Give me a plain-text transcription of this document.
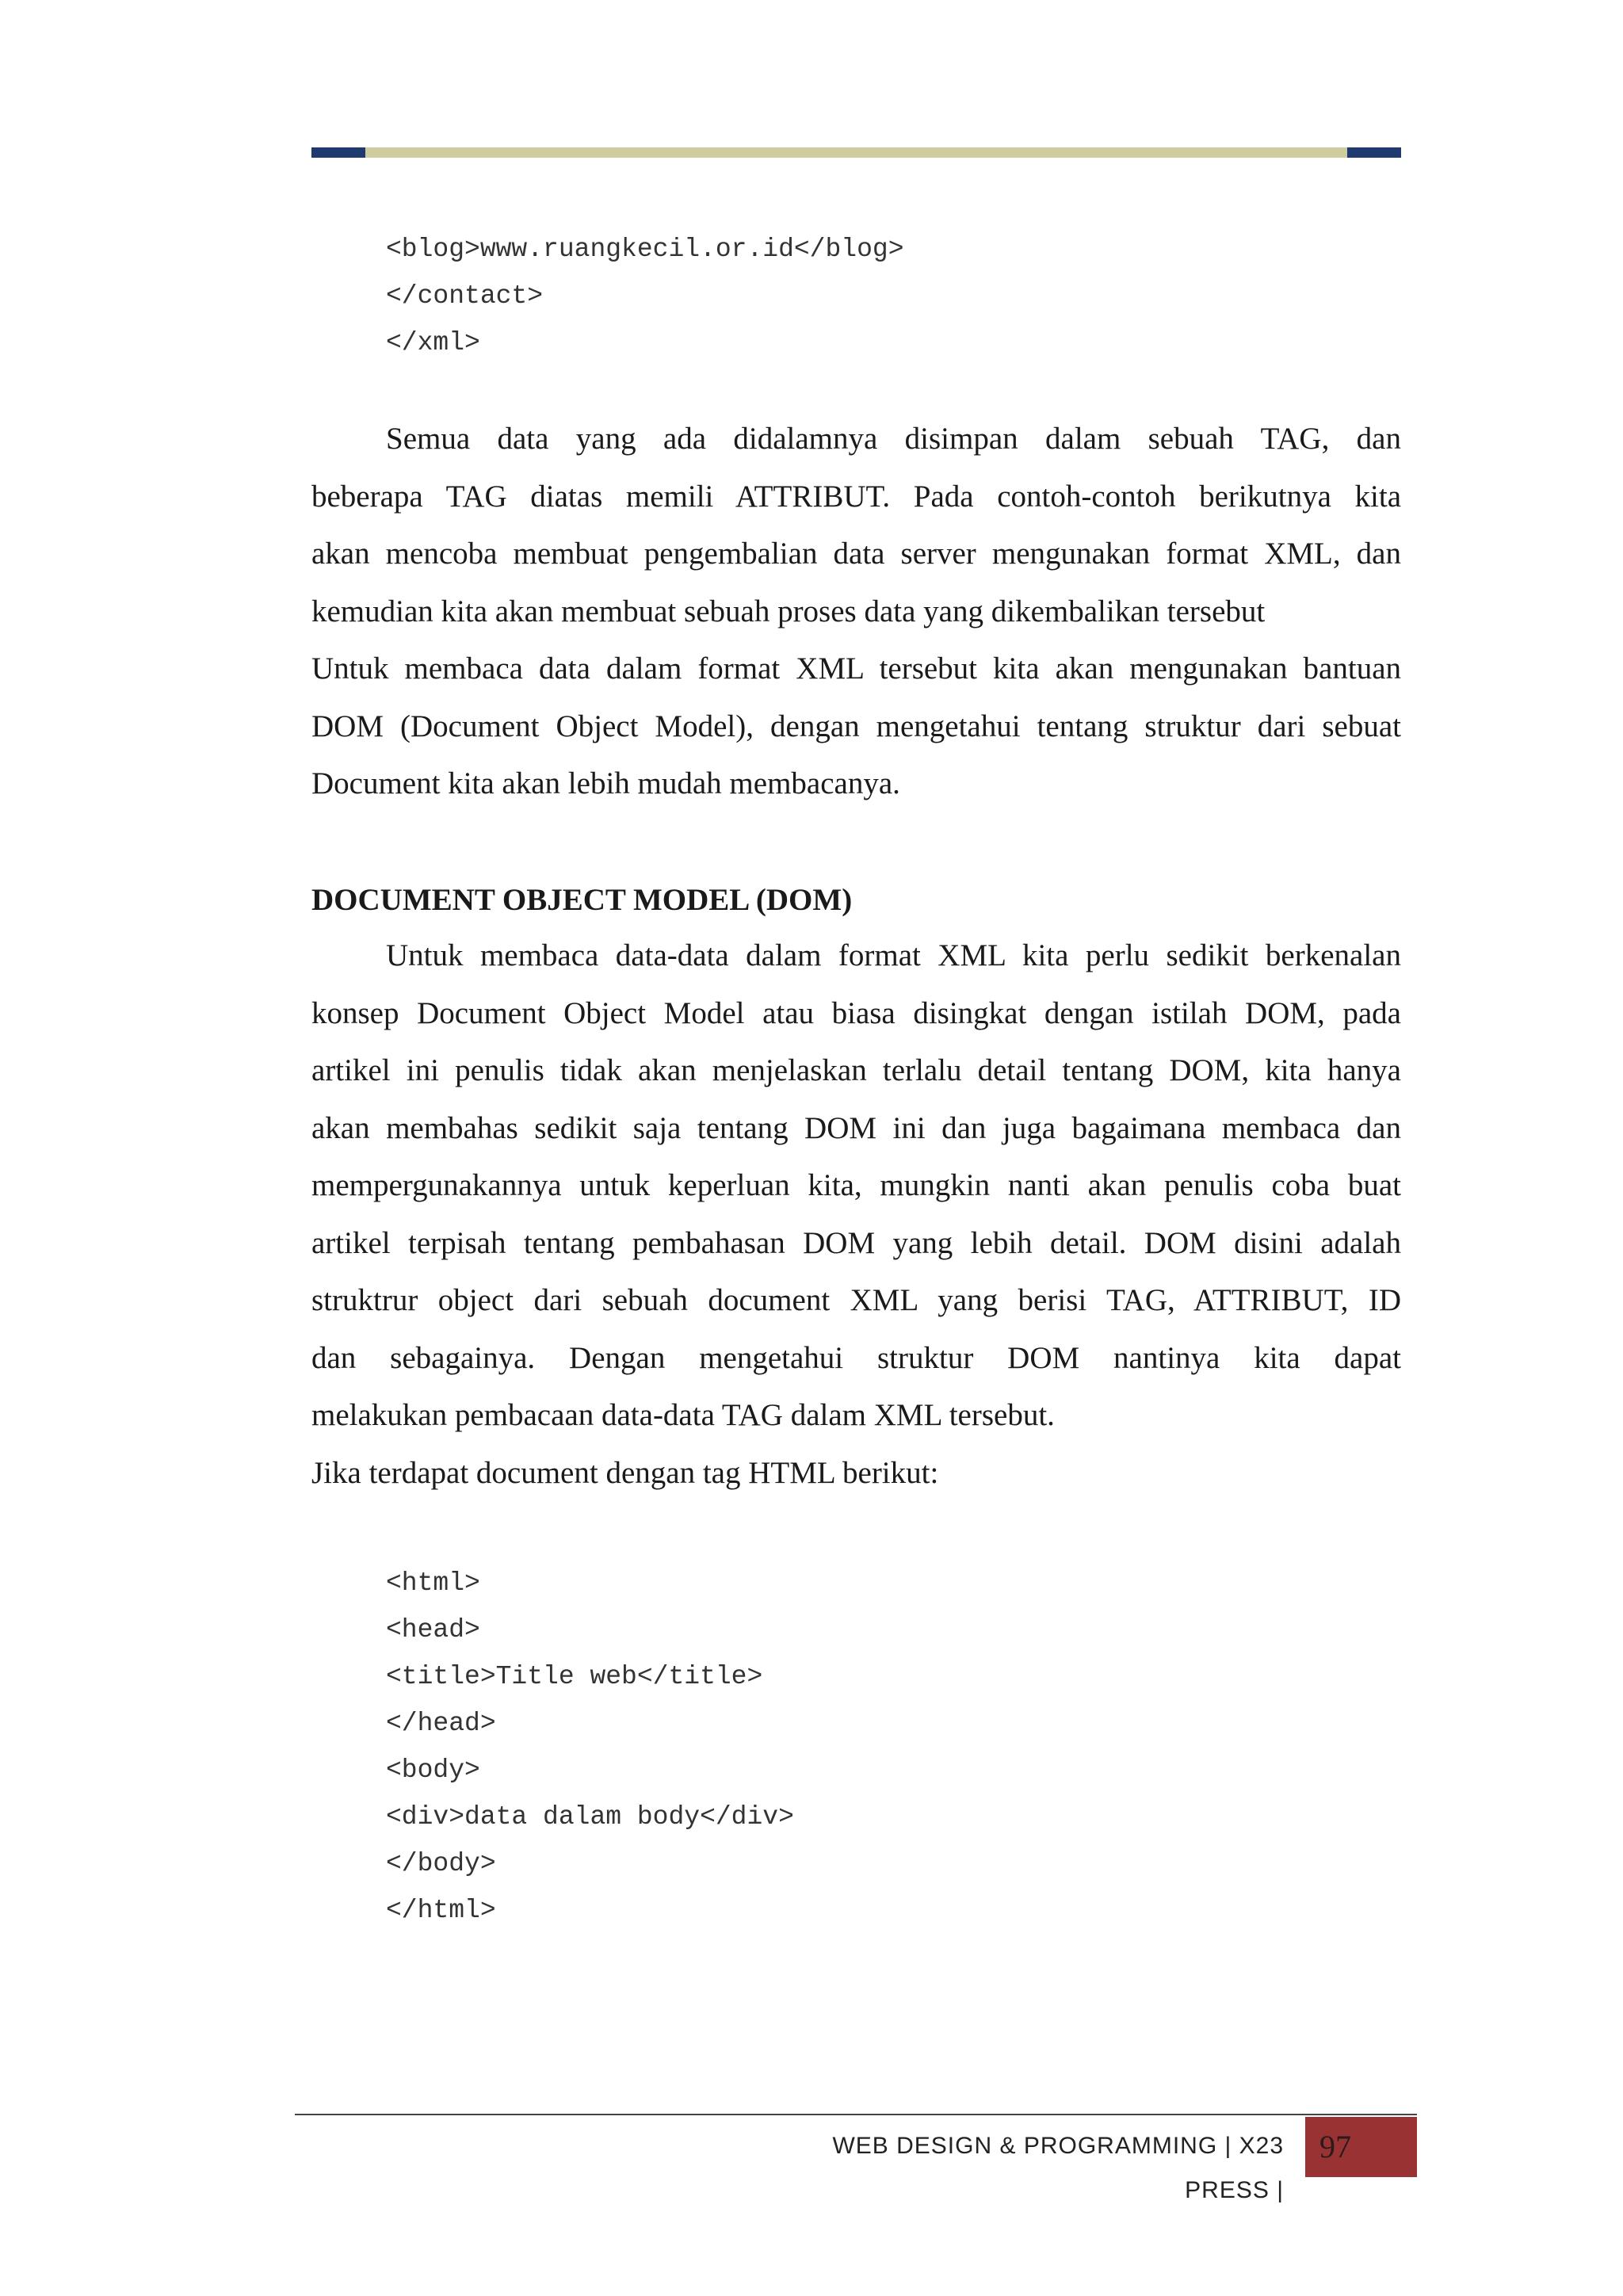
<blog>www.ruangkecil.or.id</blog>
</contact>
</xml>
Semua data yang ada didalamnya disimpan dalam sebuah TAG, dan
beberapa TAG diatas memili ATTRIBUT. Pada contoh-contoh berikutnya kita
akan mencoba membuat pengembalian data server mengunakan format XML, dan
kemudian kita akan membuat sebuah proses data yang dikembalikan tersebut
Untuk membaca data dalam format XML tersebut kita akan mengunakan bantuan
DOM (Document Object Model), dengan mengetahui tentang struktur dari sebuat
Document kita akan lebih mudah membacanya.
DOCUMENT OBJECT MODEL (DOM)
Untuk membaca data-data dalam format XML kita perlu sedikit berkenalan
konsep Document Object Model atau biasa disingkat dengan istilah DOM, pada
artikel ini penulis tidak akan menjelaskan terlalu detail tentang DOM, kita hanya
akan membahas sedikit saja tentang DOM ini dan juga bagaimana membaca dan
mempergunakannya untuk keperluan kita, mungkin nanti akan penulis coba buat
artikel terpisah tentang pembahasan DOM yang lebih detail. DOM disini adalah
struktrur object dari sebuah document XML yang berisi TAG, ATTRIBUT, ID
dan sebagainya. Dengan mengetahui struktur DOM nantinya kita dapat
melakukan pembacaan data-data TAG dalam XML tersebut.
Jika terdapat document dengan tag HTML berikut:
<html>
<head>
<title>Title web</title>
</head>
<body>
<div>data dalam body</div>
</body>
</html>
WEB DESIGN & PROGRAMMING | X23 PRESS |
97
